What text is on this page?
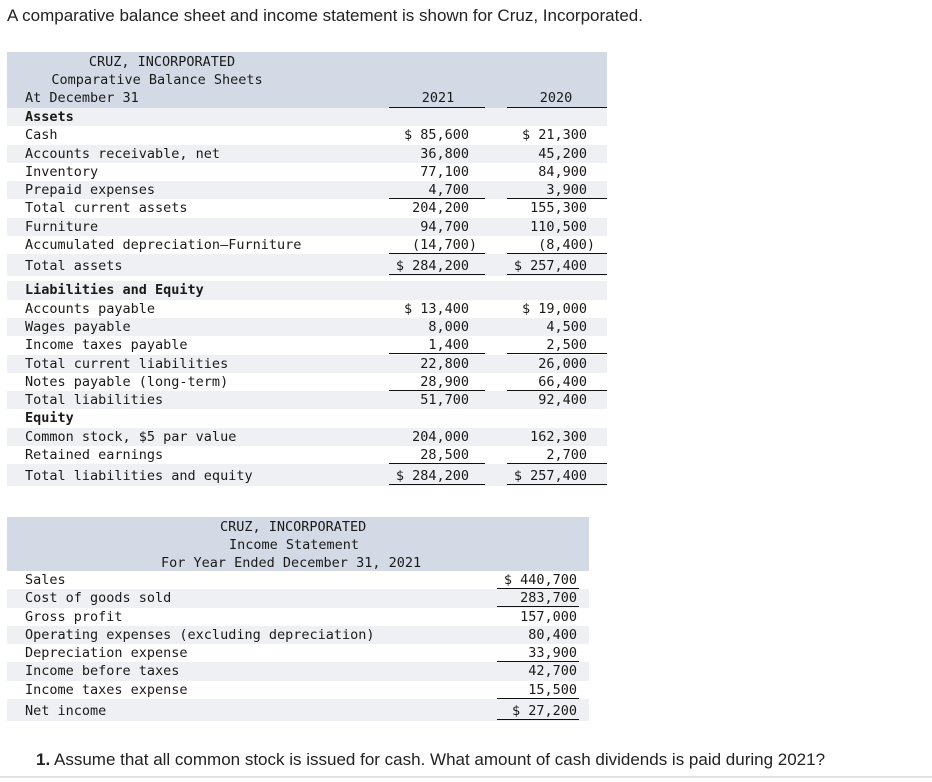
A comparative balance sheet and income statement is shown for Cruz, Incorporated.
CRUZ, INCORPORATED
Comparative Balance Sheets
At December 31	2021	2020
Assets
Cash	$ 85,600	$ 21,300
Accounts receivable, net	36,800	45,200
Inventory	77,100	84,900
Prepaid expenses	4,700	3,900
Total current assets	204,200	155,300
Furniture	94,700	110,500
Accumulated depreciation—Furniture	(14,700)	(8,400)
Total assets	$ 284,200	$ 257,400
Liabilities and Equity
Accounts payable	$ 13,400	$ 19,000
Wages payable	8,000	4,500
Income taxes payable	1,400	2,500
Total current liabilities	22,800	26,000
Notes payable (long-term)	28,900	66,400
Total liabilities	51,700	92,400
Equity
Common stock, $5 par value	204,000	162,300
Retained earnings	28,500	2,700
Total liabilities and equity	$ 284,200	$ 257,400
CRUZ, INCORPORATED
Income Statement
For Year Ended December 31, 2021
Sales	$ 440,700
Cost of goods sold	283,700
Gross profit	157,000
Operating expenses (excluding depreciation)	80,400
Depreciation expense	33,900
Income before taxes	42,700
Income taxes expense	15,500
Net income	$ 27,200
1. Assume that all common stock is issued for cash. What amount of cash dividends is paid during 2021?
